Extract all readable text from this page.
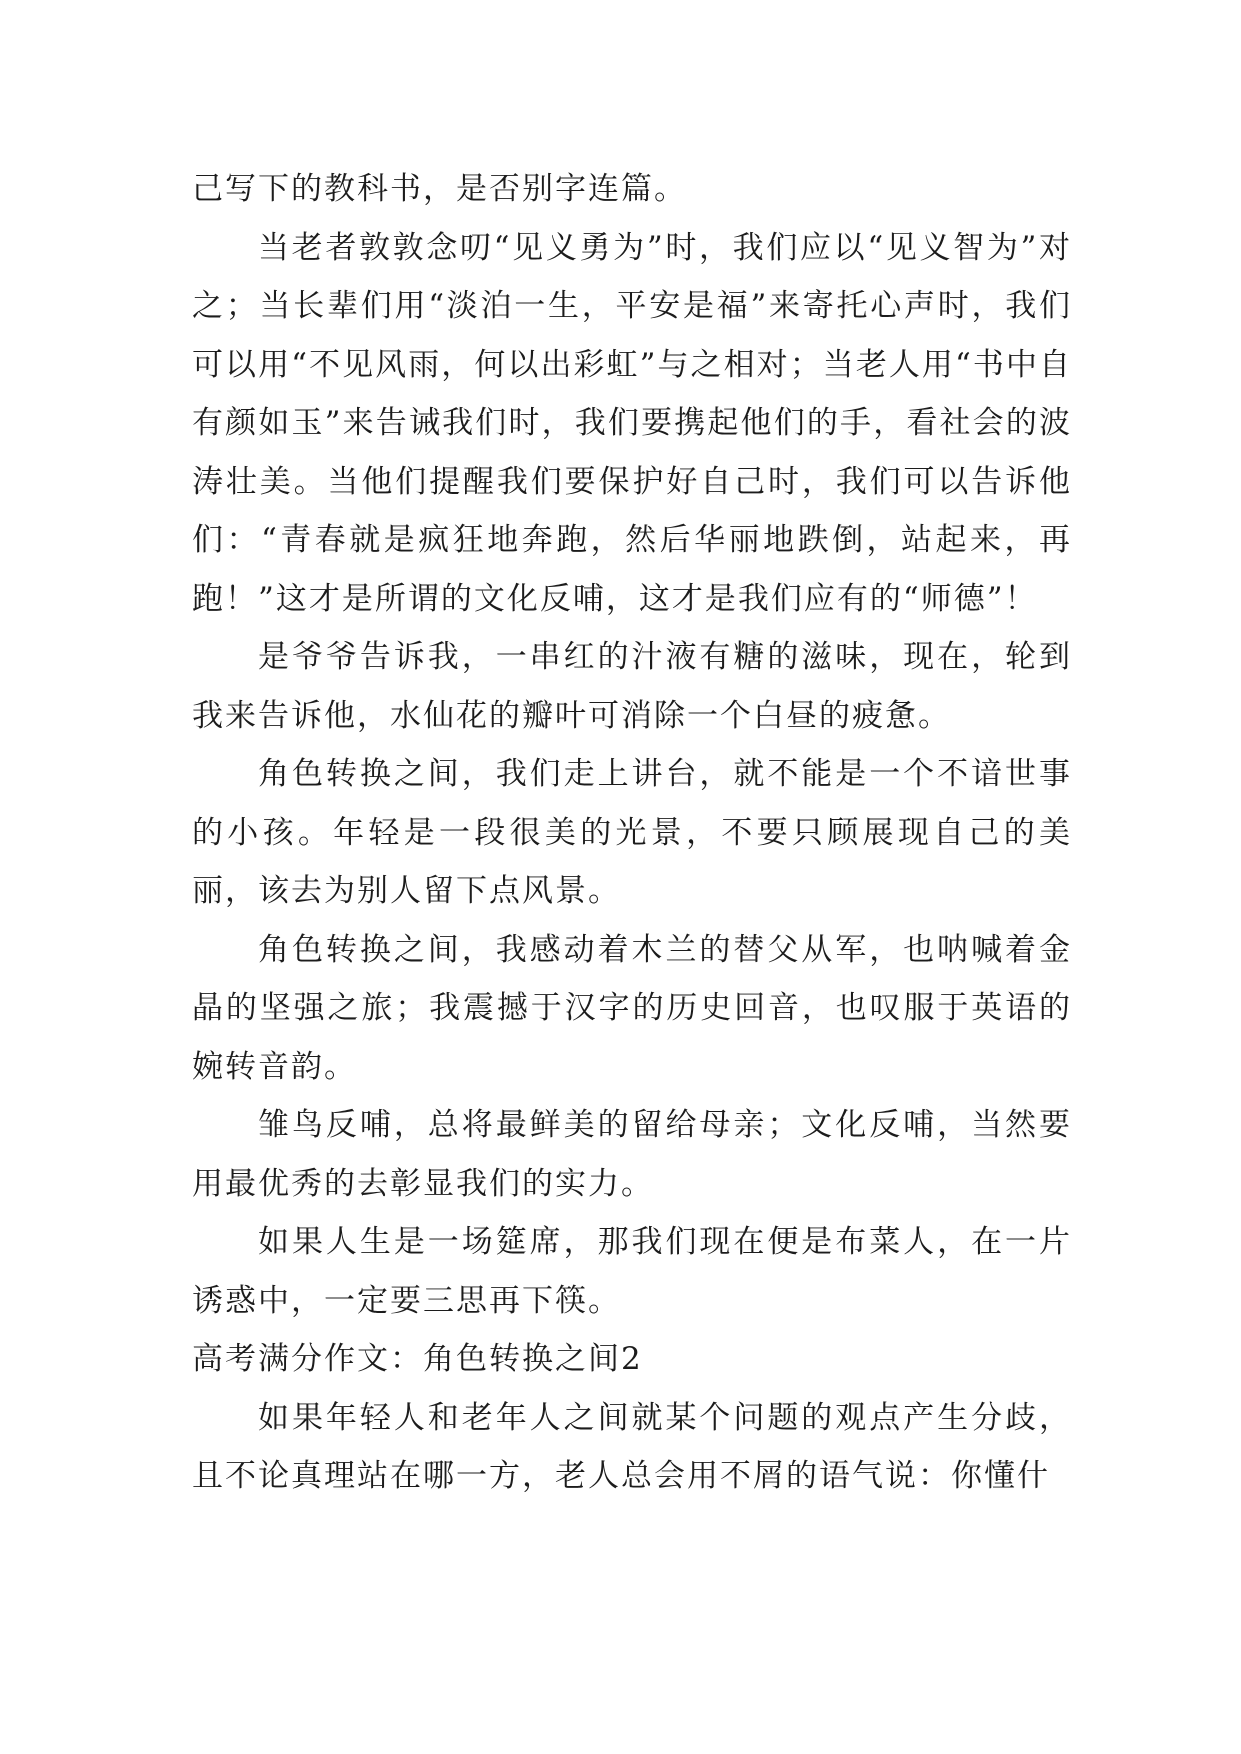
己写下的教科书，是否别字连篇。

当老者敦敦念叨“见义勇为”时，我们应以“见义智为”对之；当长辈们用“淡泊一生，平安是福”来寄托心声时，我们可以用“不见风雨，何以出彩虹”与之相对；当老人用“书中自有颜如玉”来告诫我们时，我们要携起他们的手，看社会的波涛壮美。当他们提醒我们要保护好自己时，我们可以告诉他们：“青春就是疯狂地奔跑，然后华丽地跌倒，站起来，再跑！”这才是所谓的文化反哺，这才是我们应有的“师德”！

是爷爷告诉我，一串红的汁液有糖的滋味，现在，轮到我来告诉他，水仙花的瓣叶可消除一个白昼的疲惫。

角色转换之间，我们走上讲台，就不能是一个不谙世事的小孩。年轻是一段很美的光景，不要只顾展现自己的美丽，该去为别人留下点风景。

角色转换之间，我感动着木兰的替父从军，也呐喊着金晶的坚强之旅；我震撼于汉字的历史回音，也叹服于英语的婉转音韵。

雏鸟反哺，总将最鲜美的留给母亲；文化反哺，当然要用最优秀的去彰显我们的实力。

如果人生是一场筵席，那我们现在便是布菜人，在一片诱惑中，一定要三思再下筷。

高考满分作文：角色转换之间2

如果年轻人和老年人之间就某个问题的观点产生分歧，且不论真理站在哪一方，老人总会用不屑的语气说：你懂什
